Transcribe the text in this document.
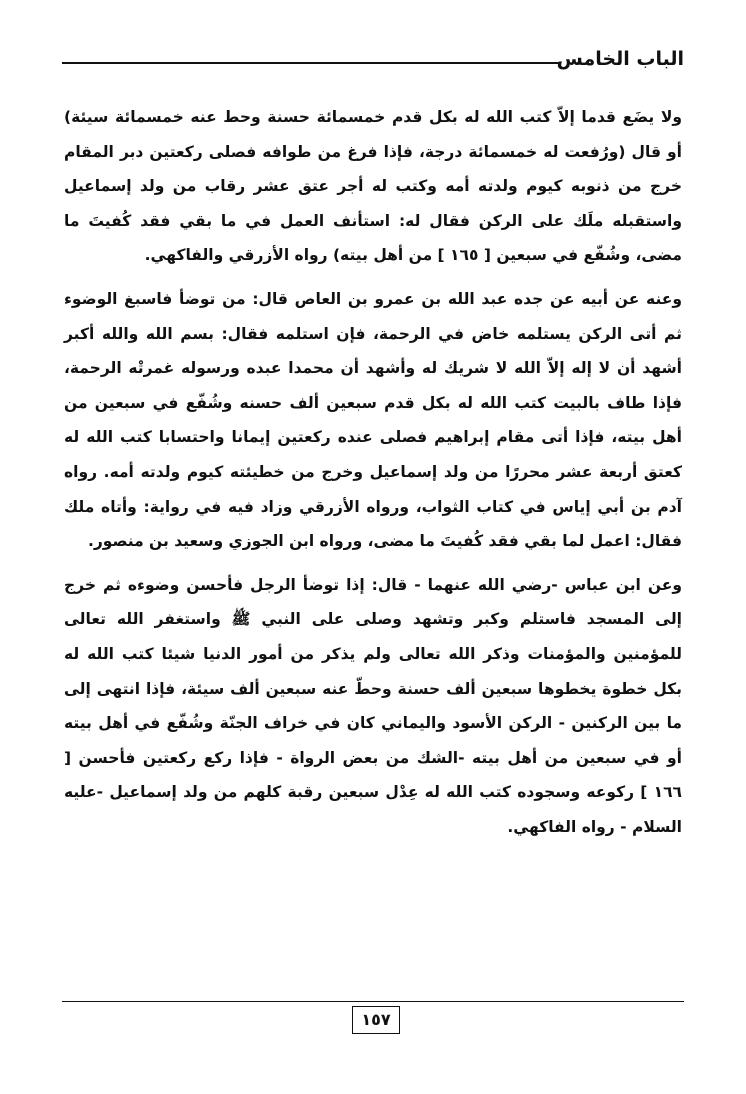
الباب الخامس

ولا يضَع قدما إلاّ كتب الله له بكل قدم خمسمائة حسنة وحط عنه خمسمائة سيئة) أو قال (ورُفعت له خمسمائة درجة، فإذا فرغ من طوافه فصلى ركعتين دبر المقام خرج من ذنوبه كيوم ولدته أمه وكتب له أجر عتق عشر رقاب من ولد إسماعيل واستقبله ملَك على الركن فقال له: استأنف العمل في ما بقي فقد كُفيتَ ما مضى، وشُفّع في سبعين [ ١٦٥ ] من أهل بيته) رواه الأزرقي والفاكهي.

وعنه عن أبيه عن جده عبد الله بن عمرو بن العاص قال: من توضأ فاسبغ الوضوء ثم أتى الركن يستلمه خاض في الرحمة، فإن استلمه فقال: بسم الله والله أكبر أشهد أن لا إله إلاّ الله لا شريك له وأشهد أن محمدا عبده ورسوله غمرتْه الرحمة، فإذا طاف بالبيت كتب الله له بكل قدم سبعين ألف حسنه وشُفّع في سبعين من أهل بيته، فإذا أتى مقام إبراهيم فصلى عنده ركعتين إيمانا واحتسابا كتب الله له كعتق أربعة عشر محررًا من ولد إسماعيل وخرج من خطيئته كيوم ولدته أمه. رواه آدم بن أبي إياس في كتاب الثواب، ورواه الأزرقي وزاد فيه في رواية: وأتاه ملك فقال: اعمل لما بقي فقد كُفيتَ ما مضى، ورواه ابن الجوزي وسعيد بن منصور.

وعن ابن عباس -رضي الله عنهما - قال: إذا توضأ الرجل فأحسن وضوءه ثم خرج إلى المسجد فاستلم وكبر وتشهد وصلى على النبي ﷺ واستغفر الله تعالى للمؤمنين والمؤمنات وذكر الله تعالى ولم يذكر من أمور الدنيا شيئا كتب الله له بكل خطوة يخطوها سبعين ألف حسنة وحطّ عنه سبعين ألف سيئة، فإذا انتهى إلى ما بين الركنين - الركن الأسود واليماني كان في خراف الجنّة وشُفّع في أهل بيته أو في سبعين من أهل بيته -الشك من بعض الرواة - فإذا ركع ركعتين فأحسن [ ١٦٦ ] ركوعه وسجوده كتب الله له عِدْل سبعين رقبة كلهم من ولد إسماعيل -عليه السلام - رواه الفاكهي.

١٥٧
